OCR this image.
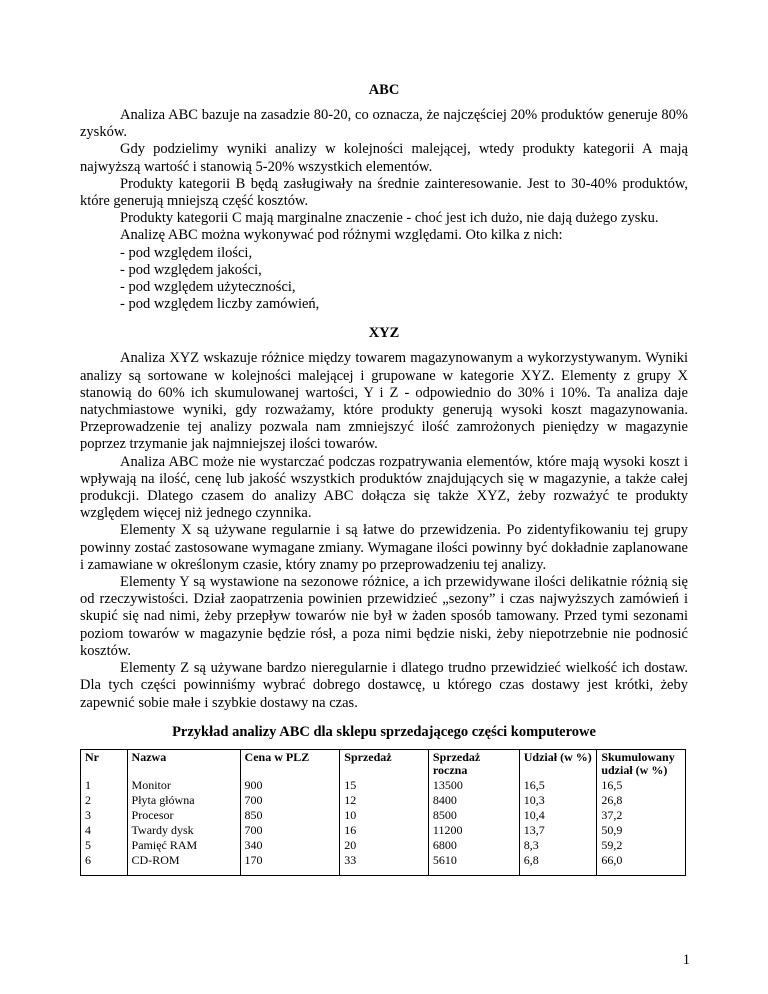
ABC

Analiza ABC bazuje na zasadzie 80-20, co oznacza, że najczęściej 20% produktów generuje 80% zysków.

Gdy podzielimy wyniki analizy w kolejności malejącej, wtedy produkty kategorii A mają najwyższą wartość i stanowią 5-20% wszystkich elementów.

Produkty kategorii B będą zasługiwały na średnie zainteresowanie. Jest to 30-40% produktów, które generują mniejszą część kosztów.

Produkty kategorii C mają marginalne znaczenie - choć jest ich dużo, nie dają dużego zysku.

Analizę ABC można wykonywać pod różnymi względami. Oto kilka z nich:

- pod względem ilości,

- pod względem jakości,

- pod względem użyteczności,

- pod względem liczby zamówień,

XYZ

Analiza XYZ wskazuje różnice między towarem magazynowanym a wykorzystywanym. Wyniki analizy są sortowane w kolejności malejącej i grupowane w kategorie XYZ. Elementy z grupy X stanowią do 60% ich skumulowanej wartości, Y i Z - odpowiednio do 30% i 10%. Ta analiza daje natychmiastowe wyniki, gdy rozważamy, które produkty generują wysoki koszt magazynowania. Przeprowadzenie tej analizy pozwala nam zmniejszyć ilość zamrożonych pieniędzy w magazynie poprzez trzymanie jak najmniejszej ilości towarów.

Analiza ABC może nie wystarczać podczas rozpatrywania elementów, które mają wysoki koszt i wpływają na ilość, cenę lub jakość wszystkich produktów znajdujących się w magazynie, a także całej produkcji. Dlatego czasem do analizy ABC dołącza się także XYZ, żeby rozważyć te produkty względem więcej niż jednego czynnika.

Elementy X są używane regularnie i są łatwe do przewidzenia. Po zidentyfikowaniu tej grupy powinny zostać zastosowane wymagane zmiany. Wymagane ilości powinny być dokładnie zaplanowane i zamawiane w określonym czasie, który znamy po przeprowadzeniu tej analizy.

Elementy Y są wystawione na sezonowe różnice, a ich przewidywane ilości delikatnie różnią się od rzeczywistości. Dział zaopatrzenia powinien przewidzieć „sezony” i czas najwyższych zamówień i skupić się nad nimi, żeby przepływ towarów nie był w żaden sposób tamowany. Przed tymi sezonami poziom towarów w magazynie będzie rósł, a poza nimi będzie niski, żeby niepotrzebnie nie podnosić kosztów.

Elementy Z są używane bardzo nieregularnie i dlatego trudno przewidzieć wielkość ich dostaw. Dla tych części powinniśmy wybrać dobrego dostawcę, u którego czas dostawy jest krótki, żeby zapewnić sobie małe i szybkie dostawy na czas.

Przykład analizy ABC dla sklepu sprzedającego części komputerowe
Nr	Nazwa	Cena w PLZ	Sprzedaż	Sprzedaż roczna	Udział (w %)	Skumulowany udział (w %)
1	Monitor	900	15	13500	16,5	16,5
2	Płyta główna	700	12	8400	10,3	26,8
3	Procesor	850	10	8500	10,4	37,2
4	Twardy dysk	700	16	11200	13,7	50,9
5	Pamięć RAM	340	20	6800	8,3	59,2
6	CD-ROM	170	33	5610	6,8	66,0
1
